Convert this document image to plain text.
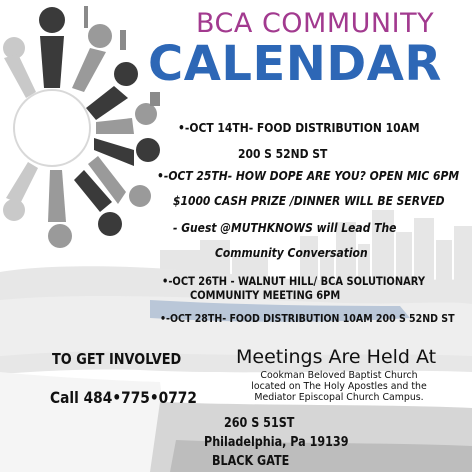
BCA COMMUNITY
CALENDAR
•-OCT 14TH- FOOD DISTRIBUTION 10AM
200 S 52ND ST
•-OCT 25TH- HOW DOPE ARE YOU? OPEN MIC 6PM
$1000 CASH PRIZE /DINNER WILL BE SERVED
- Guest @MUTHKNOWS will Lead The
Community Conversation
•-OCT 26TH - WALNUT HILL/ BCA SOLUTIONARY
COMMUNITY MEETING 6PM
•-OCT 28TH- FOOD DISTRIBUTION 10AM 200 S 52ND ST
TO GET INVOLVED
Call 484•775•0772
Meetings Are Held At
Cookman Beloved Baptist Church located on The Holy Apostles and the Mediator Episcopal Church Campus.
260 S 51ST
Philadelphia, Pa 19139
BLACK GATE
